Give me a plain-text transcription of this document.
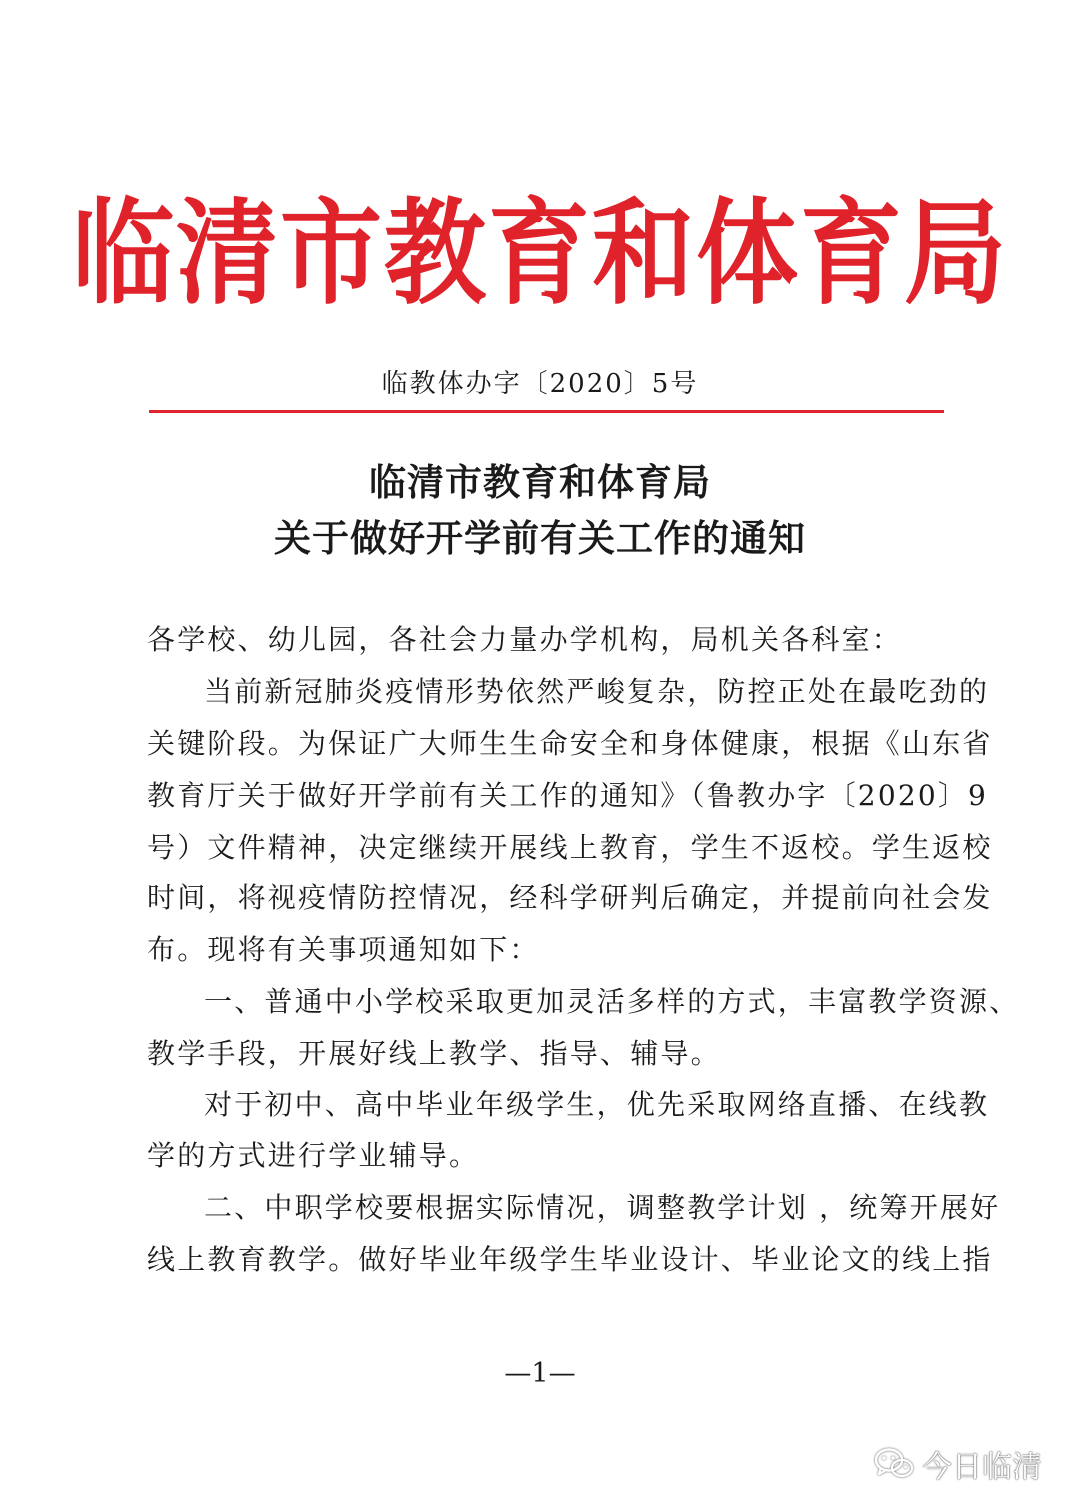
临清市教育和体育局
临教体办字〔2020〕5号
临清市教育和体育局
关于做好开学前有关工作的通知
各学校、幼儿园，各社会力量办学机构，局机关各科室：
当前新冠肺炎疫情形势依然严峻复杂，防控正处在最吃劲的
关键阶段。为保证广大师生生命安全和身体健康，根据《山东省
教育厅关于做好开学前有关工作的通知》（鲁教办字〔2020〕9
号）文件精神，决定继续开展线上教育，学生不返校。学生返校
时间，将视疫情防控情况，经科学研判后确定，并提前向社会发
布。现将有关事项通知如下：
一、普通中小学校采取更加灵活多样的方式，丰富教学资源、
教学手段，开展好线上教学、指导、辅导。
对于初中、高中毕业年级学生，优先采取网络直播、在线教
学的方式进行学业辅导。
二、中职学校要根据实际情况，调整教学计划 ，统筹开展好
线上教育教学。做好毕业年级学生毕业设计、毕业论文的线上指
—1—
今日临清
